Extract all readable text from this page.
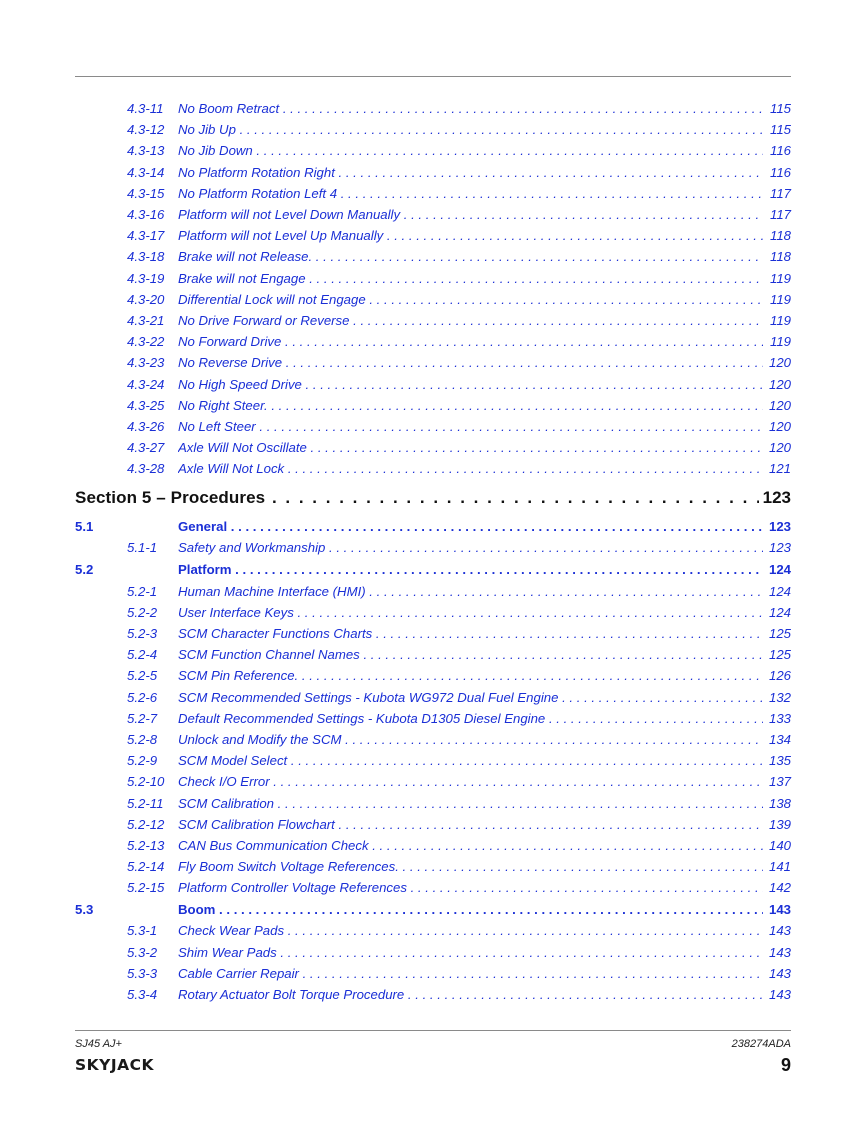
4.3-11 No Boom Retract . . .	115
4.3-12 No Jib Up . . .	115
4.3-13 No Jib Down . . .	116
4.3-14 No Platform Rotation Right . . .	116
4.3-15 No Platform Rotation Left 4 . . .	117
4.3-16 Platform will not Level Down Manually . . .	117
4.3-17 Platform will not Level Up Manually . . .	118
4.3-18 Brake will not Release. . . .	118
4.3-19 Brake will not Engage . . .	119
4.3-20 Differential Lock will not Engage . . .	119
4.3-21 No Drive Forward or Reverse . . .	119
4.3-22 No Forward Drive . . .	119
4.3-23 No Reverse Drive . . .	120
4.3-24 No High Speed Drive . . .	120
4.3-25 No Right Steer. . . .	120
4.3-26 No Left Steer . . .	120
4.3-27 Axle Will Not Oscillate . . .	120
4.3-28 Axle Will Not Lock . . .	121
Section 5 – Procedures . . .	123
5.1	General . . .	123
5.1-1 Safety and Workmanship . . .	123
5.2	Platform . . .	124
5.2-1 Human Machine Interface (HMI) . . .	124
5.2-2 User Interface Keys . . .	124
5.2-3 SCM Character Functions Charts . . .	125
5.2-4 SCM Function Channel Names . . .	125
5.2-5 SCM Pin Reference. . . .	126
5.2-6 SCM Recommended Settings - Kubota WG972 Dual Fuel Engine . . .	132
5.2-7 Default Recommended Settings - Kubota D1305 Diesel Engine . . .	133
5.2-8 Unlock and Modify the SCM . . .	134
5.2-9 SCM Model Select . . .	135
5.2-10 Check I/O Error . . .	137
5.2-11 SCM Calibration . . .	138
5.2-12 SCM Calibration Flowchart . . .	139
5.2-13 CAN Bus Communication Check . . .	140
5.2-14 Fly Boom Switch Voltage References. . . .	141
5.2-15 Platform Controller Voltage References . . .	142
5.3	Boom . . .	143
5.3-1 Check Wear Pads . . .	143
5.3-2 Shim Wear Pads . . .	143
5.3-3 Cable Carrier Repair . . .	143
5.3-4 Rotary Actuator Bolt Torque Procedure . . .	143
SJ45 AJ+	238274ADA
SKYJACK	9
